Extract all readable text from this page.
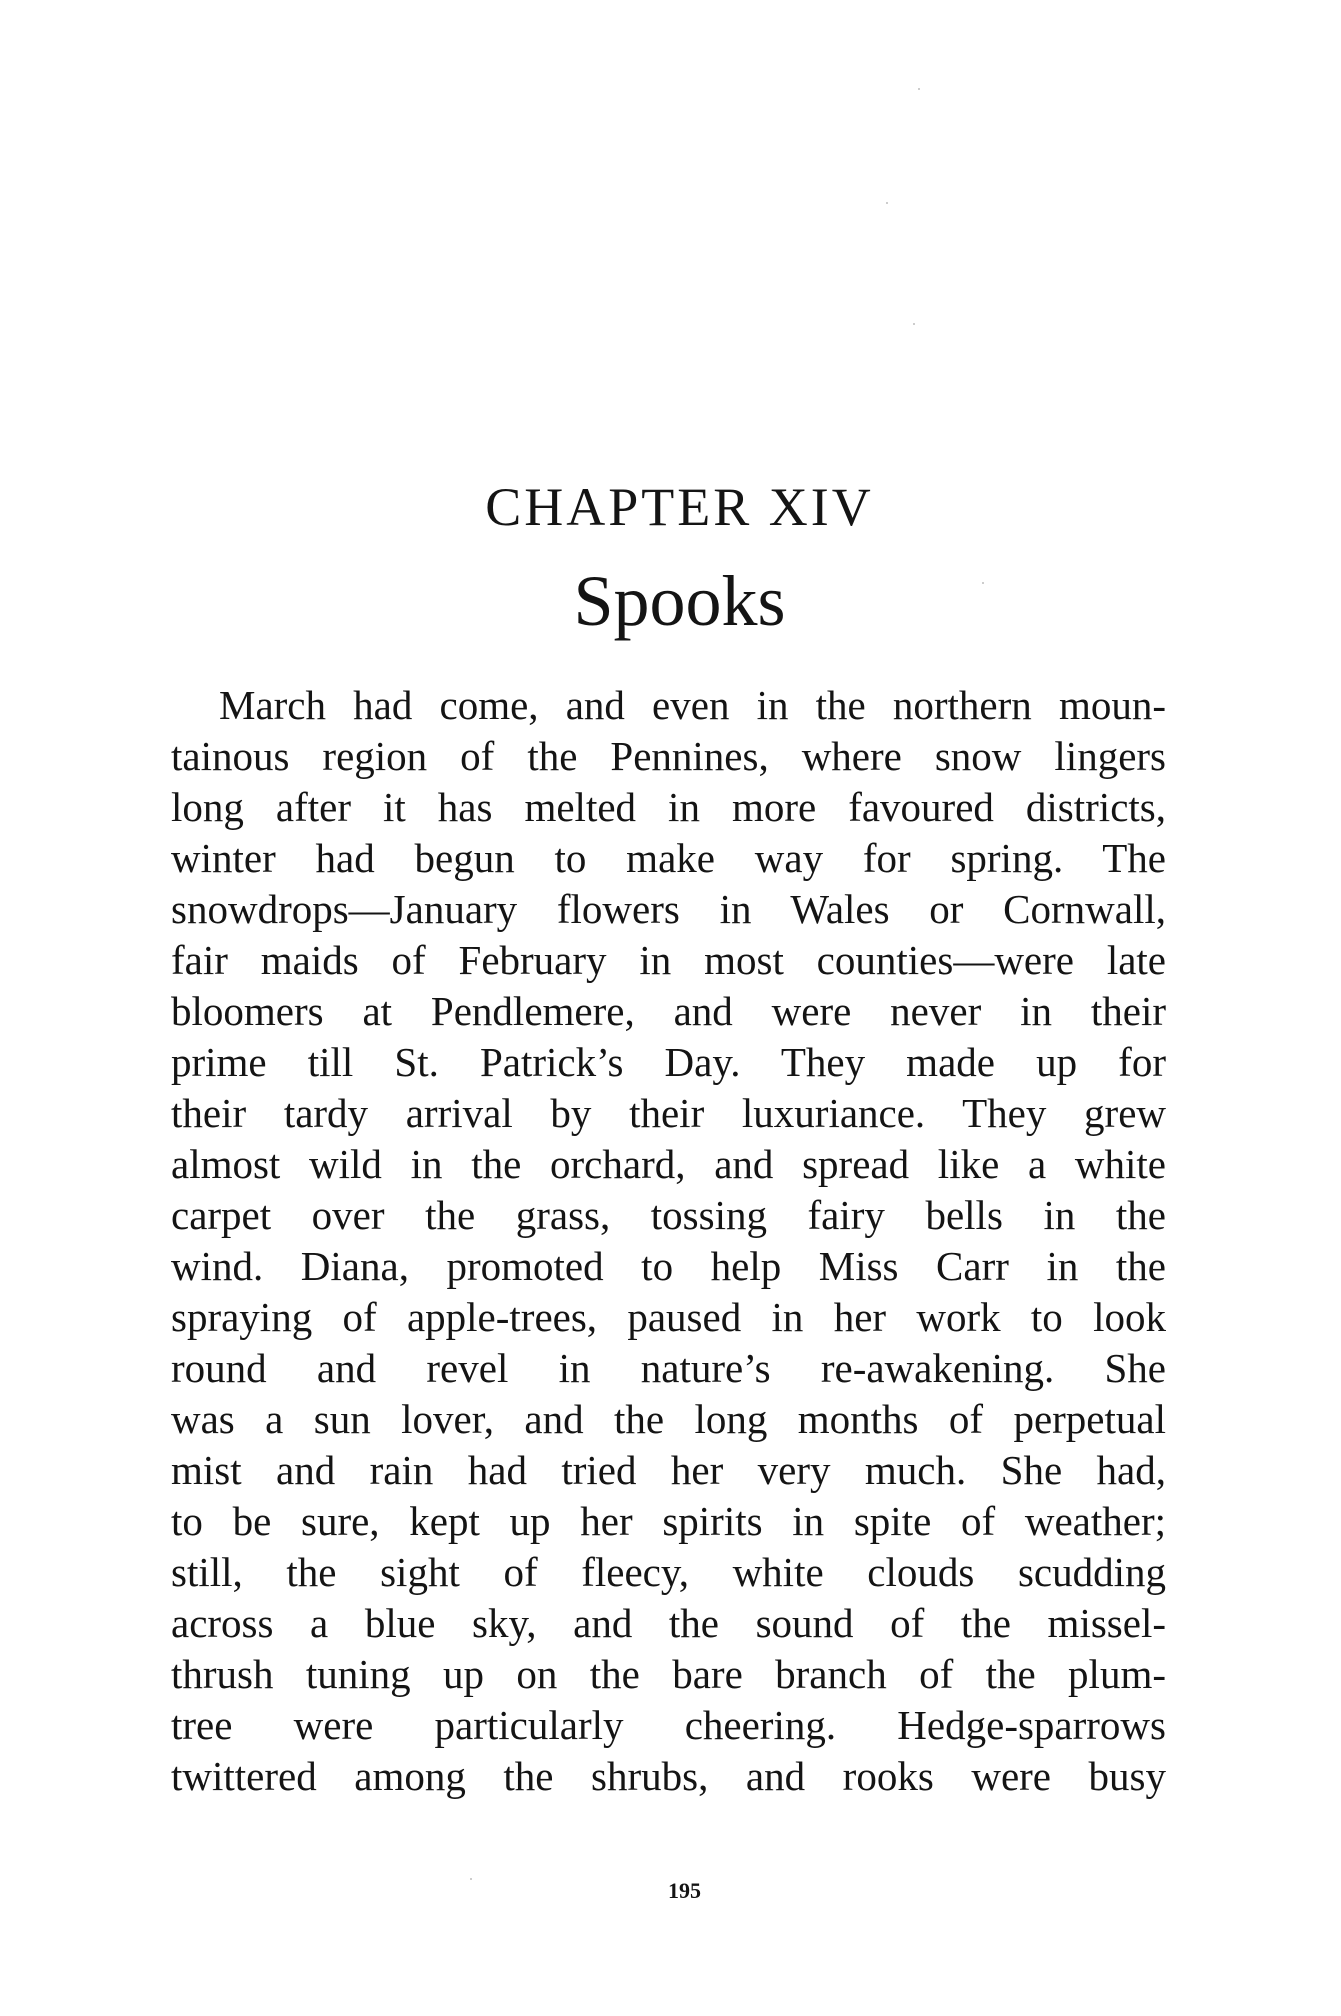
CHAPTER XIV
Spooks
March had come, and even in the northern moun-
tainous region of the Pennines, where snow lingers
long after it has melted in more favoured districts,
winter had begun to make way for spring. The
snowdrops—January flowers in Wales or Cornwall,
fair maids of February in most counties—were late
bloomers at Pendlemere, and were never in their
prime till St. Patrick’s Day. They made up for
their tardy arrival by their luxuriance. They grew
almost wild in the orchard, and spread like a white
carpet over the grass, tossing fairy bells in the
wind. Diana, promoted to help Miss Carr in the
spraying of apple-trees, paused in her work to look
round and revel in nature’s re-awakening. She
was a sun lover, and the long months of perpetual
mist and rain had tried her very much. She had,
to be sure, kept up her spirits in spite of weather;
still, the sight of fleecy, white clouds scudding
across a blue sky, and the sound of the missel-
thrush tuning up on the bare branch of the plum-
tree were particularly cheering. Hedge-sparrows
twittered among the shrubs, and rooks were busy
195
